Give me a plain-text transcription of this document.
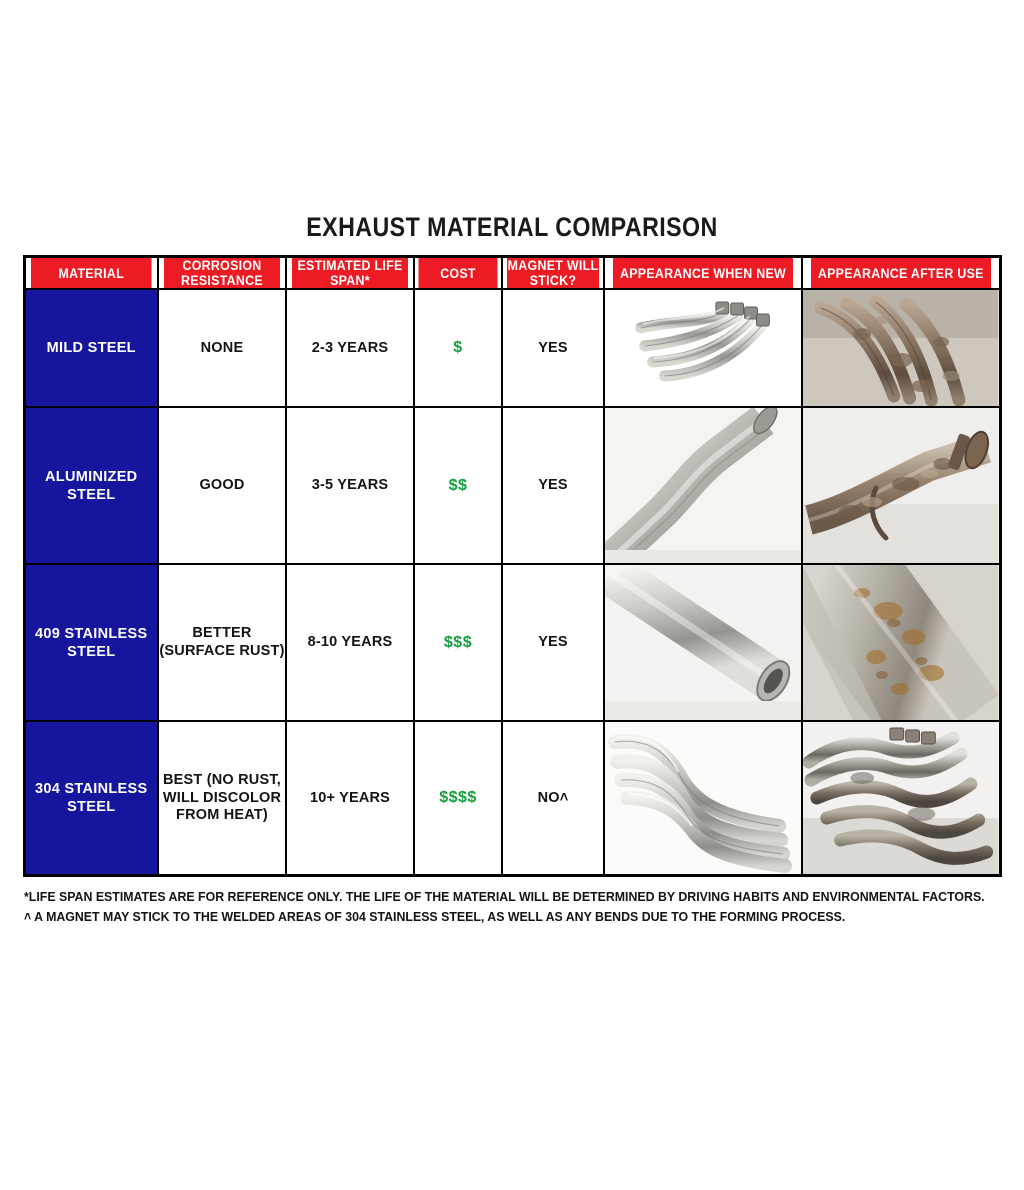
EXHAUST MATERIAL COMPARISON
MATERIAL	CORROSION RESISTANCE	ESTIMATED LIFE SPAN*	COST	MAGNET WILL STICK?	APPEARANCE WHEN NEW	APPEARANCE AFTER USE
MILD STEEL	NONE	2-3 YEARS	$	YES	

ALUMINIZED STEEL	GOOD	3-5 YEARS	$$	YES	

409 STAINLESS STEEL	BETTER (SURFACE RUST)	8-10 YEARS	$$$	YES	

304 STAINLESS STEEL	BEST (NO RUST, WILL DISCOLOR FROM HEAT)	10+ YEARS	$$$$	NO˄	

*LIFE SPAN ESTIMATES ARE FOR REFERENCE ONLY. THE LIFE OF THE MATERIAL WILL BE DETERMINED BY DRIVING HABITS AND ENVIRONMENTAL FACTORS.
˄ A MAGNET MAY STICK TO THE WELDED AREAS OF 304 STAINLESS STEEL, AS WELL AS ANY BENDS DUE TO THE FORMING PROCESS.
